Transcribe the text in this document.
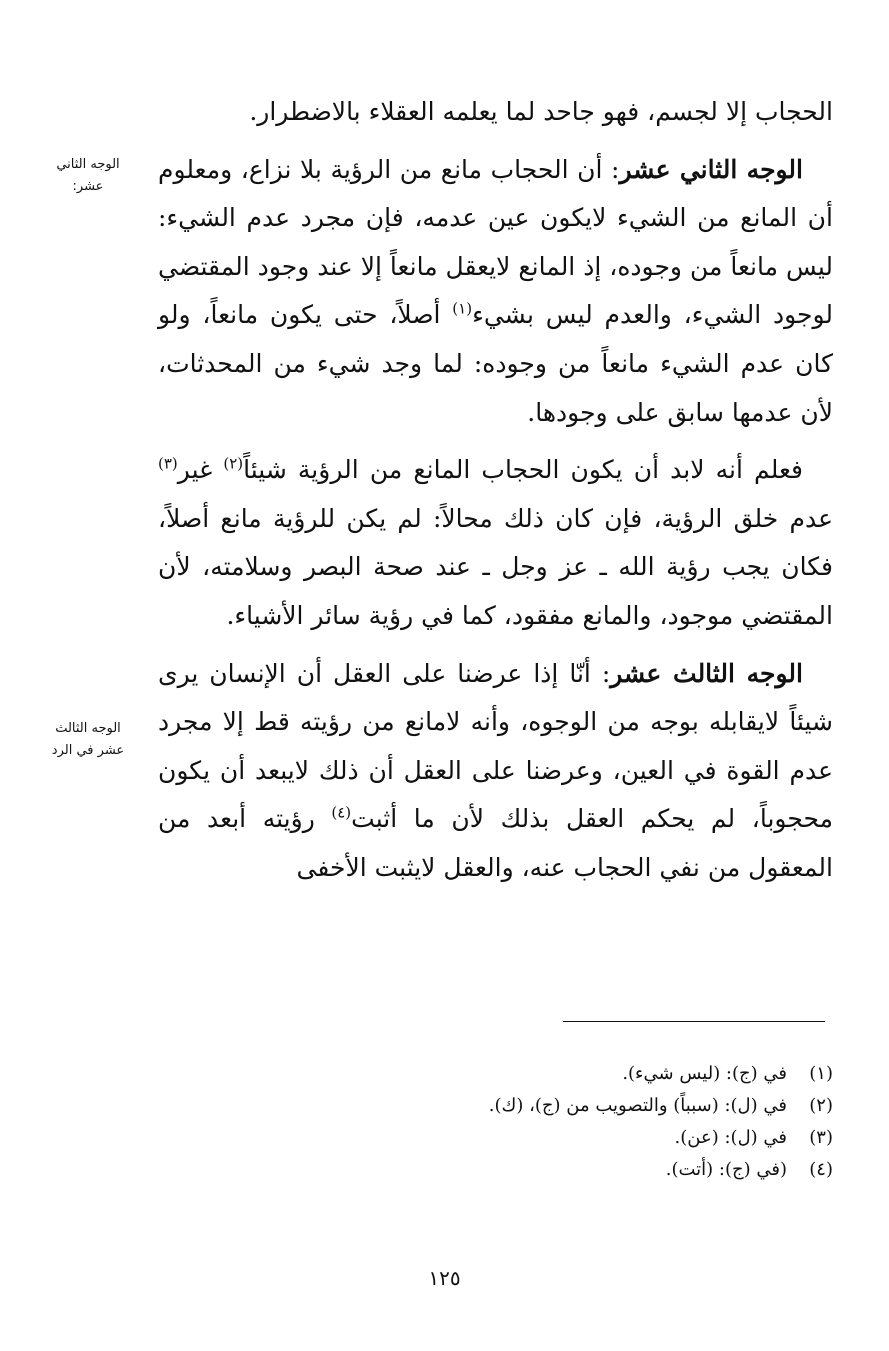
الحجاب إلا لجسم، فهو جاحد لما يعلمه العقلاء بالاضطرار.

الوجه الثاني عشر: أن الحجاب مانع من الرؤية بلا نزاع، ومعلوم أن المانع من الشيء لايكون عين عدمه، فإن مجرد عدم الشيء: ليس مانعاً من وجوده، إذ المانع لايعقل مانعاً إلا عند وجود المقتضي لوجود الشيء، والعدم ليس بشيء$^{(١)}$ أصلاً، حتى يكون مانعاً، ولو كان عدم الشيء مانعاً من وجوده: لما وجد شيء من المحدثات، لأن عدمها سابق على وجودها.

فعلم أنه لابد أن يكون الحجاب المانع من الرؤية شيئاً$^{(٢)}$ غير$^{(٣)}$ عدم خلق الرؤية، فإن كان ذلك محالاً: لم يكن للرؤية مانع أصلاً، فكان يجب رؤية الله ـ عز وجل ـ عند صحة البصر وسلامته، لأن المقتضي موجود، والمانع مفقود، كما في رؤية سائر الأشياء.

الوجه الثالث عشر: أنّا إذا عرضنا على العقل أن الإنسان يرى شيئاً لايقابله بوجه من الوجوه، وأنه لامانع من رؤيته قط إلا مجرد عدم القوة في العين، وعرضنا على العقل أن ذلك لايبعد أن يكون محجوباً، لم يحكم العقل بذلك لأن ما أثبت$^{(٤)}$ رؤيته أبعد من المعقول من نفي الحجاب عنه، والعقل لايثبت الأخفى

الوجه الثاني
عشر:
الوجه الثالث
عشر في الرد
(١)
في (ج): (ليس شيء).
(٢)
في (ل): (سبباً) والتصويب من (ج)، (ك).
(٣)
في (ل): (عن).
(٤)
(في (ج): (أتت).
١٢٥
